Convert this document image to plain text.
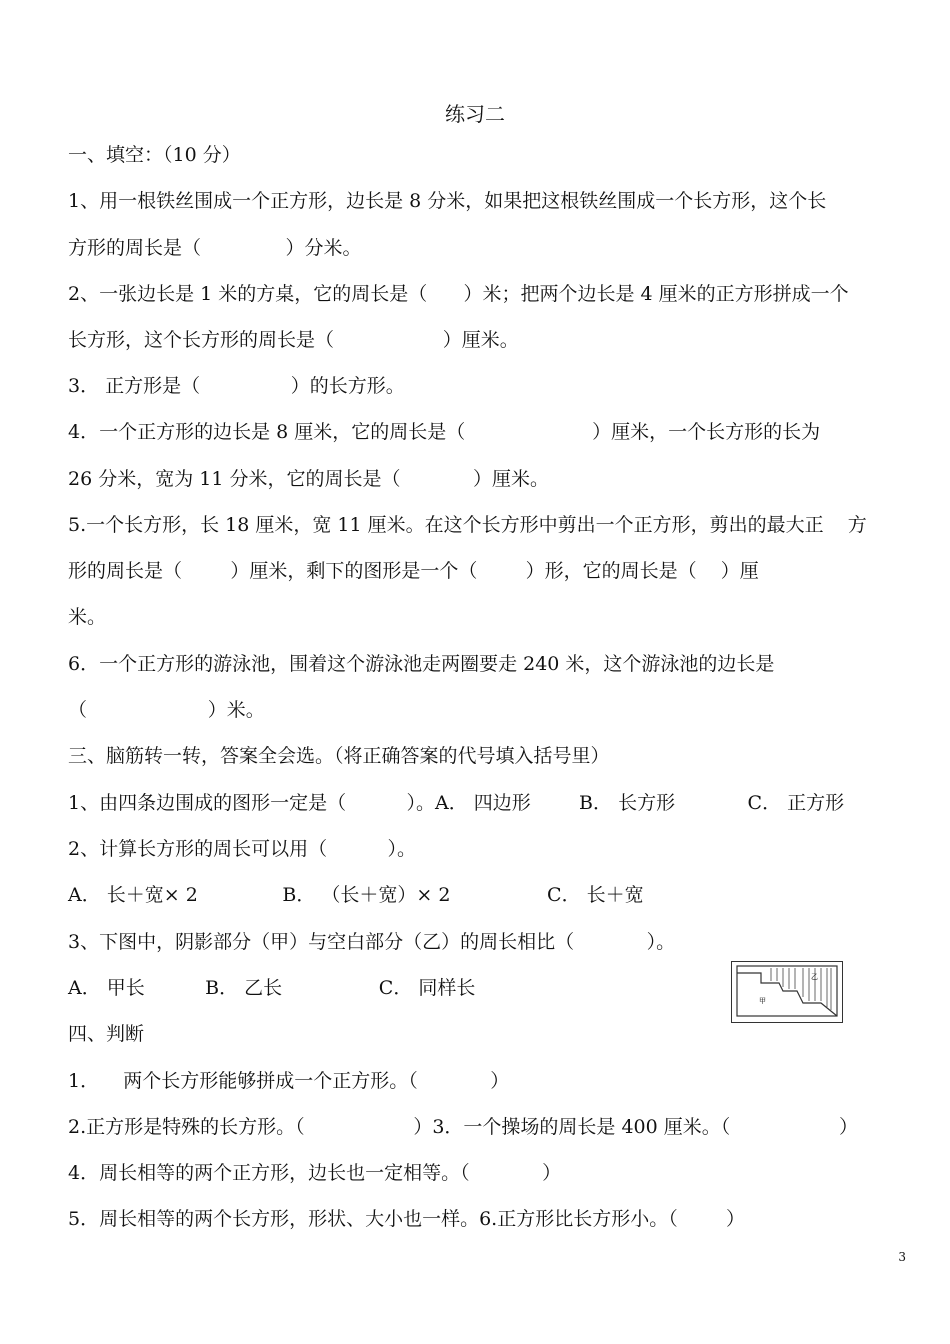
练习二
一、填空：（10 分）
1、用一根铁丝围成一个正方形，边长是 8 分米，如果把这根铁丝围成一个长方形，这个长
方形的周长是（              ）分米。
2、一张边长是 1 米的方桌，它的周长是（      ）米；把两个边长是 4 厘米的正方形拼成一个
长方形，这个长方形的周长是（                  ）厘米。
3． 正方形是（               ）的长方形。
4．一个正方形的边长是 8 厘米，它的周长是（                     ）厘米，一个长方形的长为
26 分米，宽为 11 分米，它的周长是（            ）厘米。
5.一个长方形，长 18 厘米，宽 11 厘米。在这个长方形中剪出一个正方形，剪出的最大正    方
形的周长是（        ）厘米，剩下的图形是一个（        ）形，它的周长是（    ）厘
米。
6．一个正方形的游泳池，围着这个游泳池走两圈要走 240 米，这个游泳池的边长是
（                    ）米。
三、脑筋转一转，答案全会选。（将正确答案的代号填入括号里）
1、由四条边围成的图形一定是（          ）。A． 四边形        B． 长方形            C． 正方形
2、计算长方形的周长可以用（          ）。
A． 长＋宽× 2              B． （长＋宽）× 2                C． 长＋宽
3、下图中，阴影部分（甲）与空白部分（乙）的周长相比（            ）。
A． 甲长          B． 乙长                C． 同样长
四、判断
1．    两个长方形能够拼成一个正方形。（            ）
2.正方形是特殊的长方形。（                  ）3．一个操场的周长是 400 厘米。（                  ）
4．周长相等的两个正方形，边长也一定相等。（            ）
5．周长相等的两个长方形，形状、大小也一样。6.正方形比长方形小。（        ）
甲
乙
3
